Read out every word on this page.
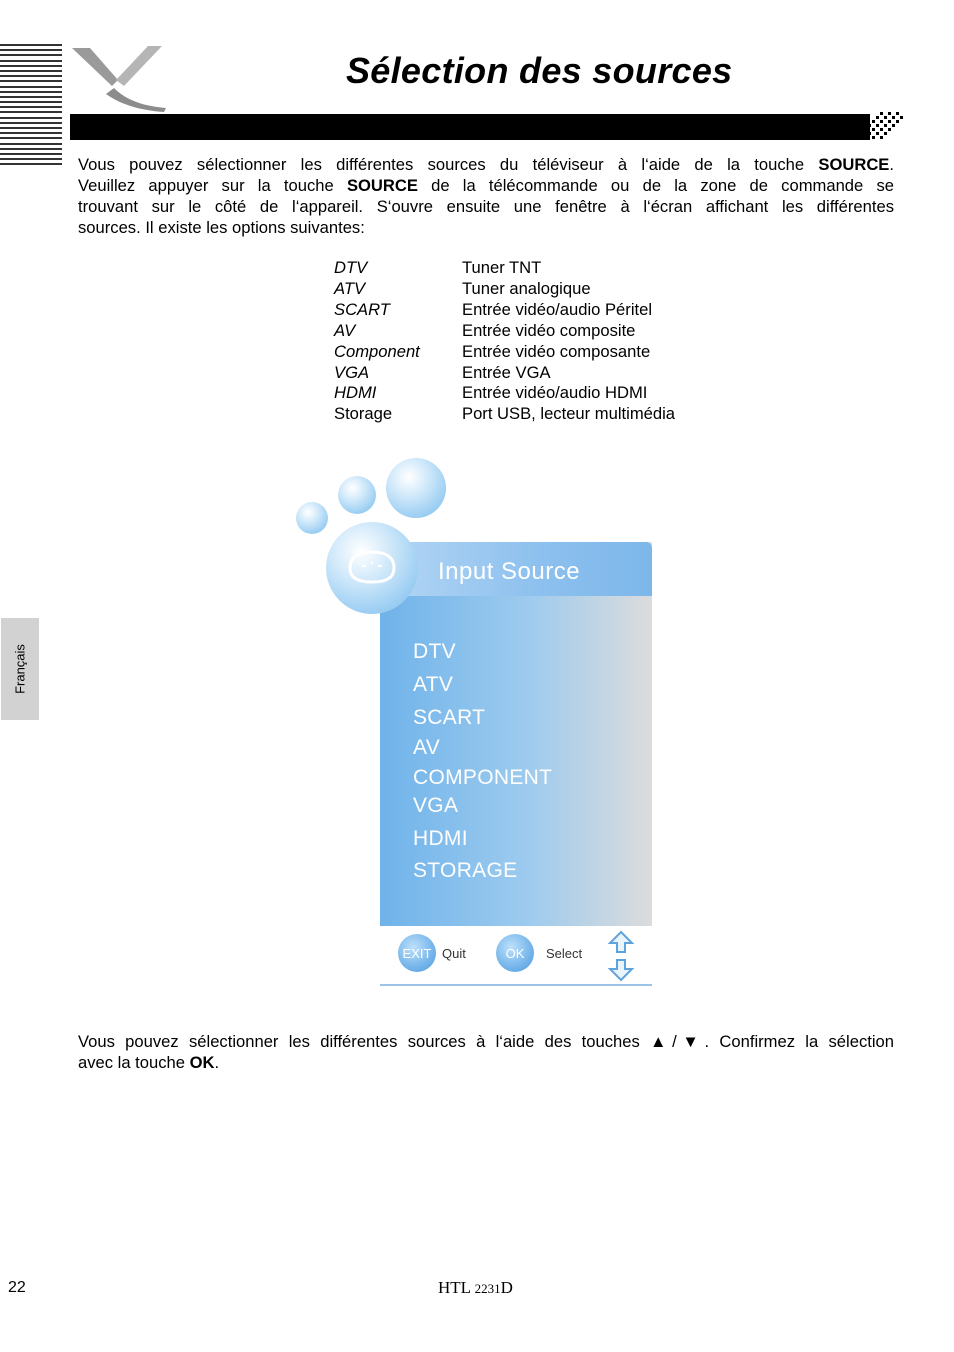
Sélection des sources
Français
Vous pouvez sélectionner les différentes sources du téléviseur à l‘aide de la touche SOURCE.
Veuillez appuyer sur la touche SOURCE de la télécommande ou de la zone de commande se
trouvant sur le côté de l‘appareil. S‘ouvre ensuite une fenêtre à l‘écran affichant les différentes
sources. Il existe les options suivantes:
DTV	Tuner TNT
ATV	Tuner analogique
SCART	Entrée vidéo/audio Péritel
AV	Entrée vidéo composite
Component	Entrée vidéo composante
VGA	Entrée VGA
HDMI	Entrée vidéo/audio HDMI
Storage	Port USB, lecteur multimédia
Input Source
DTV
ATV
SCART
AV
COMPONENT
VGA
HDMI
STORAGE
EXIT Quit	OK	Select
Vous pouvez sélectionner les différentes sources à l‘aide des touches ▲/▼. Confirmez la sélection
avec la touche OK.
22	HTL 2231D
